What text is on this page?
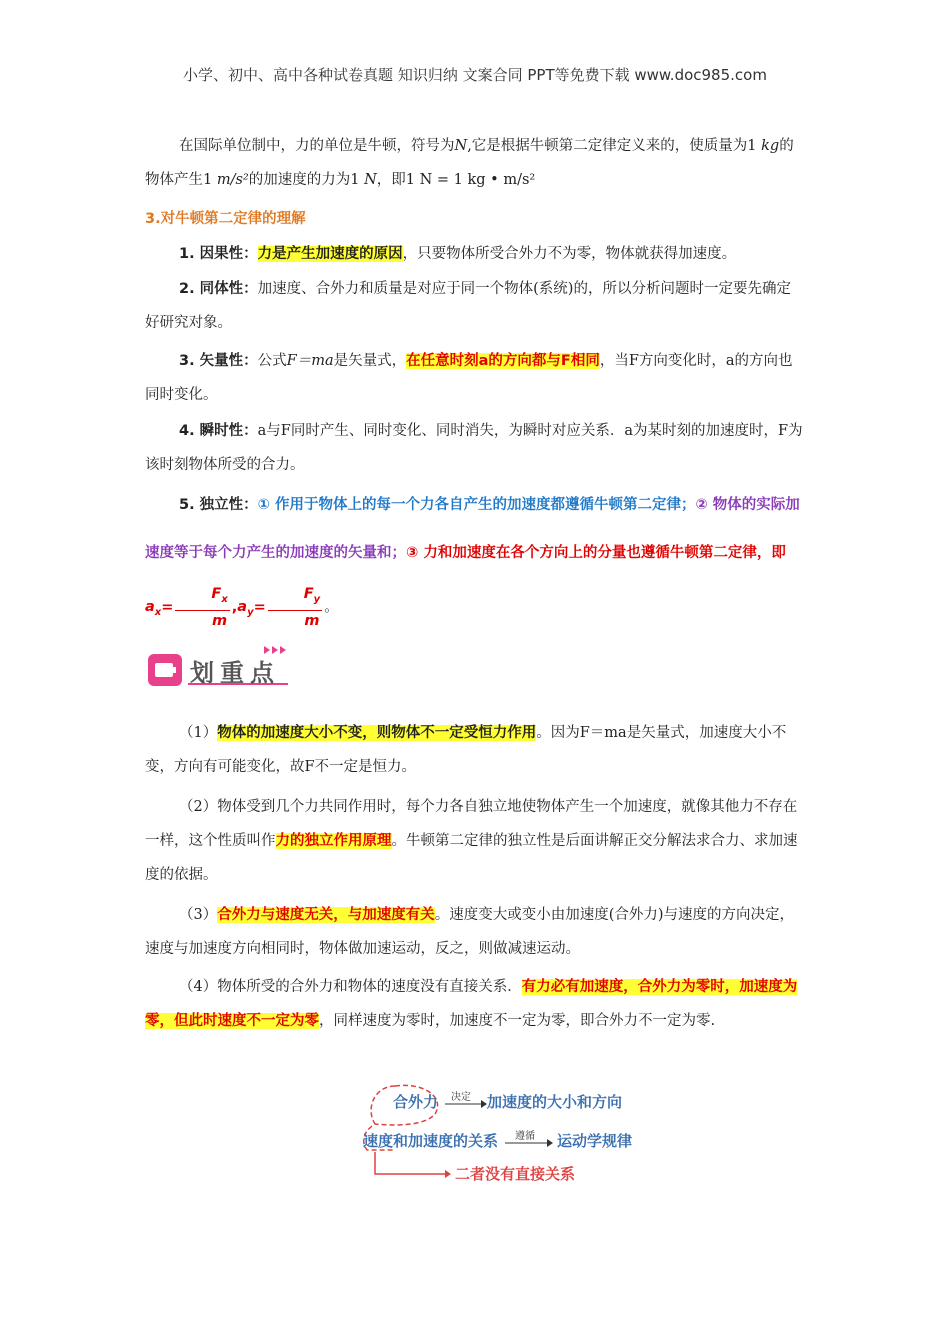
小学、初中、高中各种试卷真题 知识归纳 文案合同 PPT等免费下载 www.doc985.com
在国际单位制中，力的单位是牛顿，符号为N,它是根据牛顿第二定律定义来的，使质量为1 kg的物体产生1 m/s²的加速度的力为1 N，即1 N = 1 kg • m/s²
3.对牛顿第二定律的理解
1. 因果性：力是产生加速度的原因，只要物体所受合外力不为零，物体就获得加速度。
2. 同体性：加速度、合外力和质量是对应于同一个物体(系统)的，所以分析问题时一定要先确定好研究对象。
3. 矢量性：公式F＝ma是矢量式，在任意时刻a的方向都与F相同，当F方向变化时，a的方向也同时变化。
4. 瞬时性：a与F同时产生、同时变化、同时消失，为瞬时对应关系．a为某时刻的加速度时，F为该时刻物体所受的合力。
5. 独立性：① 作用于物体上的每一个力各自产生的加速度都遵循牛顿第二定律；② 物体的实际加速度等于每个力产生的加速度的矢量和；③ 力和加速度在各个方向上的分量也遵循牛顿第二定律，即$a_x= \frac{F_x}{m} ,a_y= \frac{F_y}{m}$ 。
划重点
（1）物体的加速度大小不变，则物体不一定受恒力作用。因为F＝ma是矢量式，加速度大小不变，方向有可能变化，故F不一定是恒力。
（2）物体受到几个力共同作用时，每个力各自独立地使物体产生一个加速度，就像其他力不存在一样，这个性质叫作力的独立作用原理。牛顿第二定律的独立性是后面讲解正交分解法求合力、求加速度的依据。
（3）合外力与速度无关，与加速度有关。速度变大或变小由加速度(合外力)与速度的方向决定，速度与加速度方向相同时，物体做加速运动，反之，则做减速运动。
（4）物体所受的合外力和物体的速度没有直接关系．有力必有加速度，合外力为零时，加速度为零，但此时速度不一定为零，同样速度为零时，加速度不一定为零，即合外力不一定为零.
合外力 决定 加速度的大小和方向
速度和加速度的关系 遵循 运动学规律
二者没有直接关系
